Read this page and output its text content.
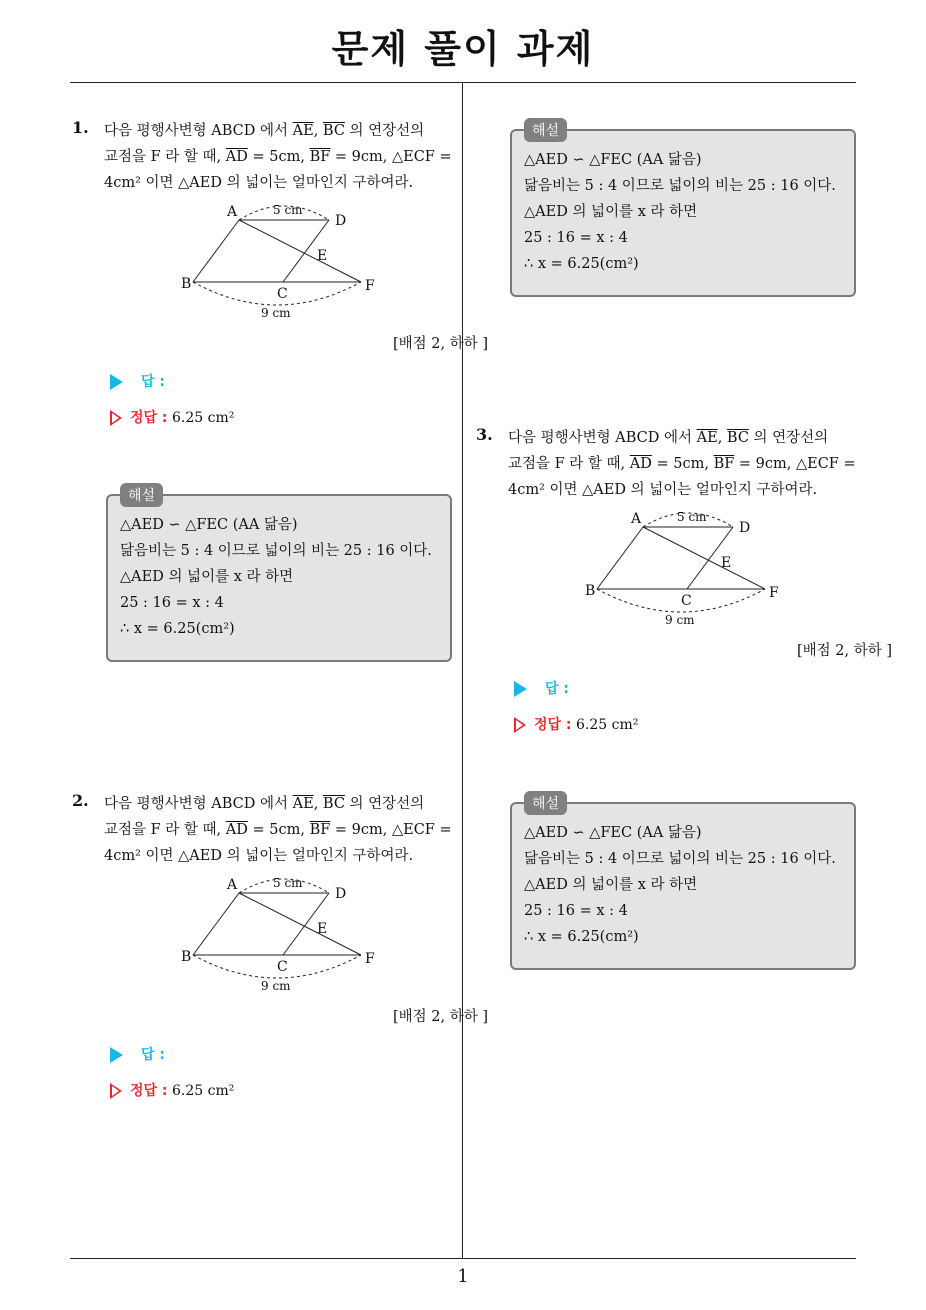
문제 풀이 과제
1
1. 다음 평행사변형 ABCD 에서 $\overline{AE}$, $\overline{BC}$ 의 연장선의
교점을 F 라 할 때, $\overline{AD} = 5cm$, $\overline{BF} = 9cm$, △ECF =
4cm² 이면 △AED 의 넓이는 얼마인지 구하여라.

A
D
B
C
E
F
5 cm
9 cm
[배점 2, 하하 ]
답 :
정답 : 6.25 cm²
해설
△AED ∽ △FEC (AA 닮음)
닮음비는 5 : 4 이므로 넓이의 비는 25 : 16 이다.
△AED 의 넓이를 x 라 하면
25 : 16 = x : 4
∴ x = 6.25(cm²)
2. 다음 평행사변형 ABCD 에서 $\overline{AE}$, $\overline{BC}$ 의 연장선의
교점을 F 라 할 때, $\overline{AD} = 5cm$, $\overline{BF} = 9cm$, △ECF =
4cm² 이면 △AED 의 넓이는 얼마인지 구하여라.

A
D
B
C
E
F
5 cm
9 cm
[배점 2, 하하 ]
답 :
정답 : 6.25 cm²
해설
△AED ∽ △FEC (AA 닮음)
닮음비는 5 : 4 이므로 넓이의 비는 25 : 16 이다.
△AED 의 넓이를 x 라 하면
25 : 16 = x : 4
∴ x = 6.25(cm²)
3. 다음 평행사변형 ABCD 에서 $\overline{AE}$, $\overline{BC}$ 의 연장선의
교점을 F 라 할 때, $\overline{AD} = 5cm$, $\overline{BF} = 9cm$, △ECF =
4cm² 이면 △AED 의 넓이는 얼마인지 구하여라.

A
D
B
C
E
F
5 cm
9 cm
[배점 2, 하하 ]
답 :
정답 : 6.25 cm²
해설
△AED ∽ △FEC (AA 닮음)
닮음비는 5 : 4 이므로 넓이의 비는 25 : 16 이다.
△AED 의 넓이를 x 라 하면
25 : 16 = x : 4
∴ x = 6.25(cm²)
